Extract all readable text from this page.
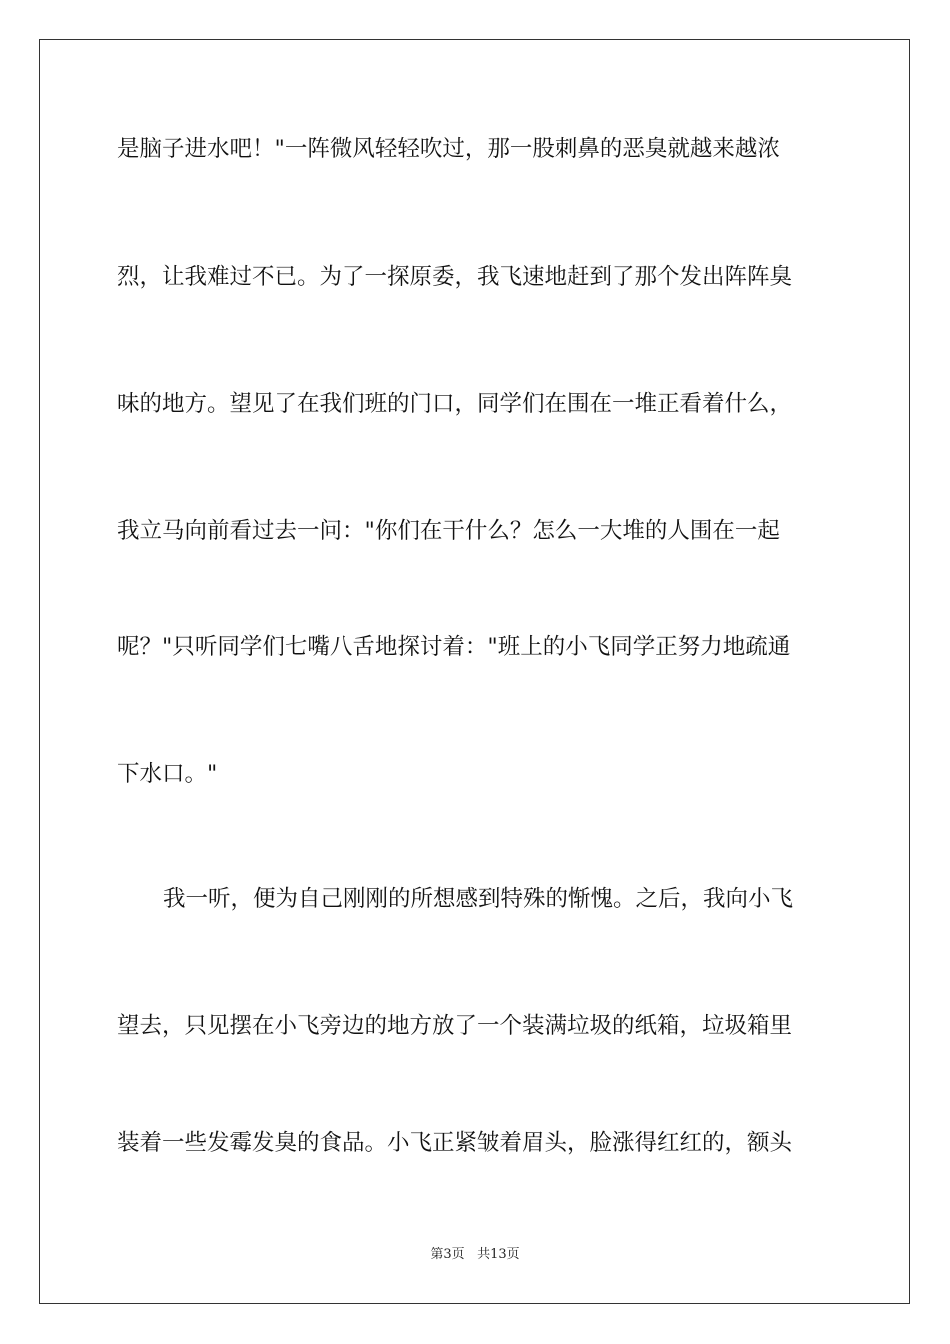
是脑子进水吧！"一阵微风轻轻吹过，那一股刺鼻的恶臭就越来越浓
烈，让我难过不已。为了一探原委，我飞速地赶到了那个发出阵阵臭
味的地方。望见了在我们班的门口，同学们在围在一堆正看着什么，
我立马向前看过去一问："你们在干什么？怎么一大堆的人围在一起
呢？"只听同学们七嘴八舌地探讨着："班上的小飞同学正努力地疏通
下水口。"
我一听，便为自己刚刚的所想感到特殊的惭愧。之后，我向小飞
望去，只见摆在小飞旁边的地方放了一个装满垃圾的纸箱，垃圾箱里
装着一些发霉发臭的食品。小飞正紧皱着眉头，脸涨得红红的，额头
第3页 共13页
